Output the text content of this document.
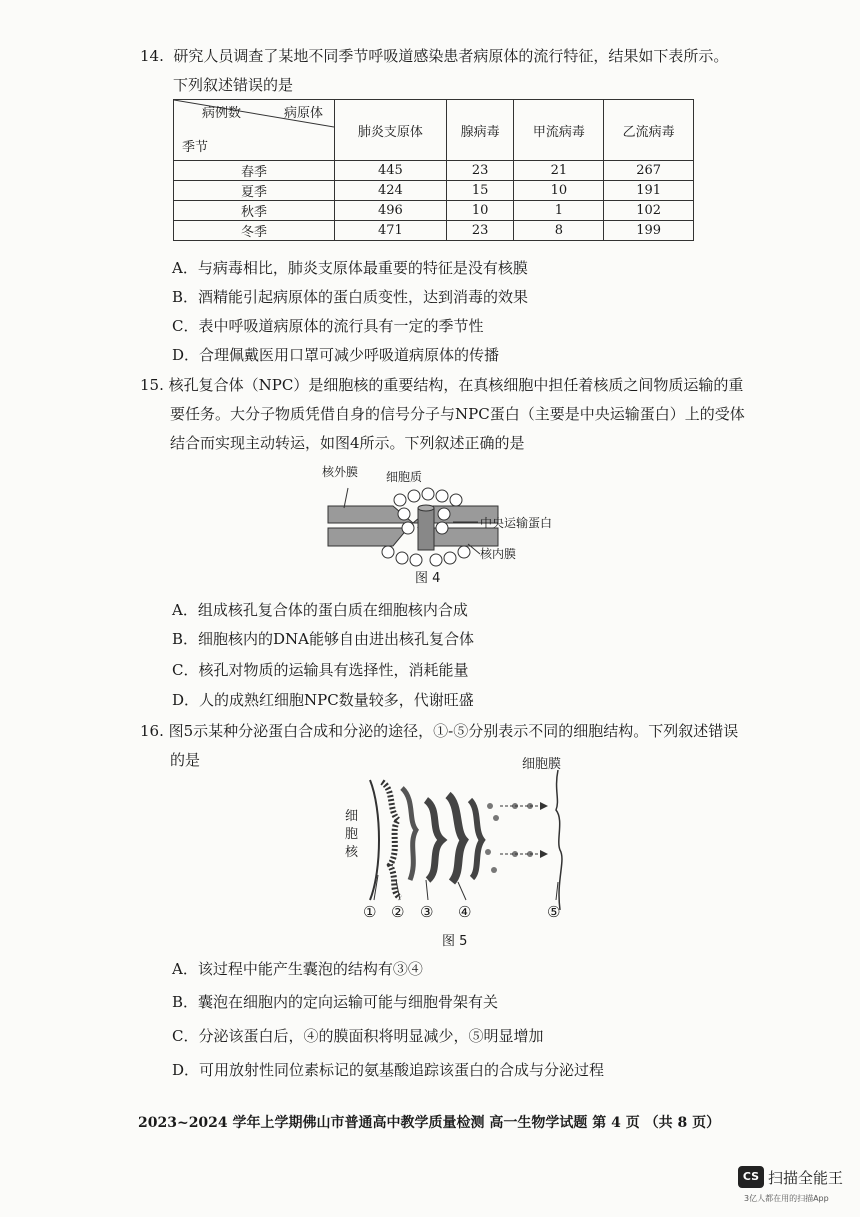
14. 研究人员调查了某地不同季节呼吸道感染患者病原体的流行特征，结果如下表所示。
下列叙述错误的是
病例数 病原体
季节	肺炎支原体	腺病毒	甲流病毒	乙流病毒
春季	445	23	21	267
夏季	424	15	10	191
秋季	496	10	1	102
冬季	471	23	8	199
A．与病毒相比，肺炎支原体最重要的特征是没有核膜
B．酒精能引起病原体的蛋白质变性，达到消毒的效果
C．表中呼吸道病原体的流行具有一定的季节性
D．合理佩戴医用口罩可减少呼吸道病原体的传播
15. 核孔复合体（NPC）是细胞核的重要结构，在真核细胞中担任着核质之间物质运输的重
要任务。大分子物质凭借自身的信号分子与NPC蛋白（主要是中央运输蛋白）上的受体
结合而实现主动转运，如图4所示。下列叙述正确的是
核外膜 细胞质
中央运输蛋白
核内膜
图 4
A．组成核孔复合体的蛋白质在细胞核内合成
B．细胞核内的DNA能够自由进出核孔复合体
C．核孔对物质的运输具有选择性，消耗能量
D．人的成熟红细胞NPC数量较多，代谢旺盛
16. 图5示某种分泌蛋白合成和分泌的途径，①-⑤分别表示不同的细胞结构。下列叙述错误
的是	细胞膜
细
胞
核
① ② ③ ④	⑤
图 5
A．该过程中能产生囊泡的结构有③④
B．囊泡在细胞内的定向运输可能与细胞骨架有关
C．分泌该蛋白后，④的膜面积将明显减少，⑤明显增加
D．可用放射性同位素标记的氨基酸追踪该蛋白的合成与分泌过程
2023~2024 学年上学期佛山市普通高中教学质量检测 高一生物学试题 第 4 页 （共 8 页）
CS 扫描全能王
3亿人都在用的扫描App
